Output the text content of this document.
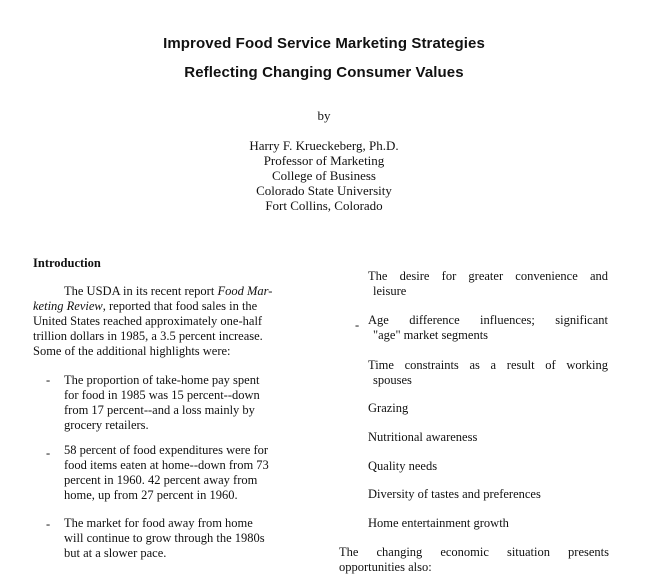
Improved Food Service Marketing Strategies
Reflecting Changing Consumer Values
by
Harry F. Krueckeberg, Ph.D.
Professor of Marketing
College of Business
Colorado State University
Fort Collins, Colorado
Introduction
The USDA in its recent report Food Mar-
keting Review, reported that food sales in the
United States reached approximately one-half
trillion dollars in 1985, a 3.5 percent increase.
Some of the additional highlights were:
- The proportion of take-home pay spent
for food in 1985 was 15 percent--down
from 17 percent--and a loss mainly by
grocery retailers.
- 58 percent of food expenditures were for
food items eaten at home--down from 73
percent in 1960. 42 percent away from
home, up from 27 percent in 1960.
- The market for food away from home
will continue to grow through the 1980s
but at a slower pace.
The desire for greater convenience and
leisure
- Age difference influences; significant
"age" market segments
Time constraints as a result of working
spouses
Grazing
Nutritional awareness
Quality needs
Diversity of tastes and preferences
Home entertainment growth
The changing economic situation presents
opportunities also:
